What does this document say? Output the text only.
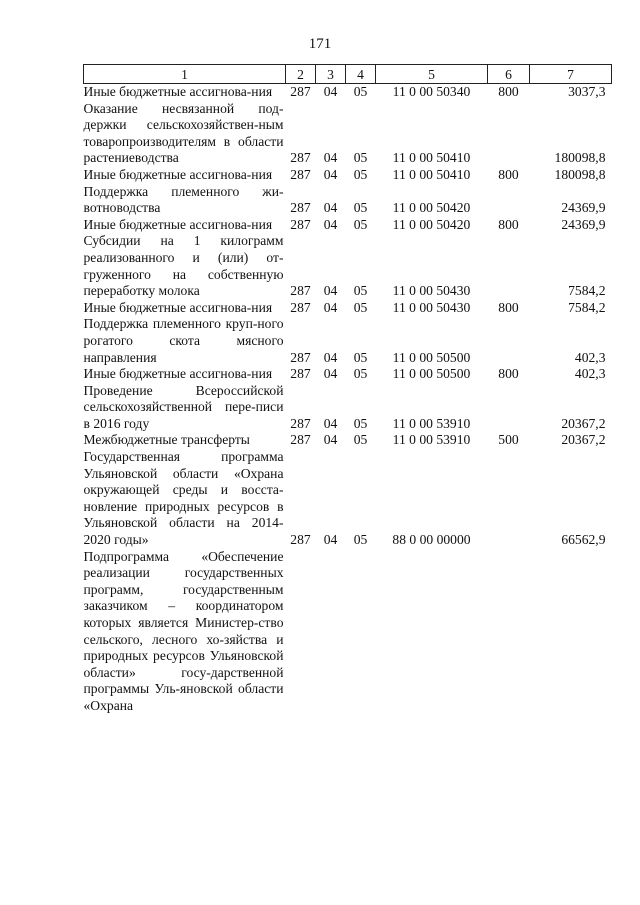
171
1	2	3	4	5	6	7
Иные бюджетные ассигнова-ния	287	04	05	11 0 00 50340	800	3037,3
Оказание несвязанной под-держки сельскохозяйствен-ным товаропроизводителям в области растениеводства	287	04	05	11 0 00 50410		180098,8
Иные бюджетные ассигнова-ния	287	04	05	11 0 00 50410	800	180098,8
Поддержка племенного жи-вотноводства	287	04	05	11 0 00 50420		24369,9
Иные бюджетные ассигнова-ния	287	04	05	11 0 00 50420	800	24369,9
Субсидии на 1 килограмм реализованного и (или) от-груженного на собственную переработку молока	287	04	05	11 0 00 50430		7584,2
Иные бюджетные ассигнова-ния	287	04	05	11 0 00 50430	800	7584,2
Поддержка племенного круп-ного рогатого скота мясного направления	287	04	05	11 0 00 50500		402,3
Иные бюджетные ассигнова-ния	287	04	05	11 0 00 50500	800	402,3
Проведение Всероссийской сельскохозяйственной пере-писи в 2016 году	287	04	05	11 0 00 53910		20367,2
Межбюджетные трансферты	287	04	05	11 0 00 53910	500	20367,2
Государственная программа Ульяновской области «Охрана окружающей среды и восста-новление природных ресурсов в Ульяновской области на 2014-2020 годы»	287	04	05	88 0 00 00000		66562,9
Подпрограмма «Обеспечение реализации государственных программ, государственным заказчиком – координатором которых является Министер-ство сельского, лесного хо-зяйства и природных ресурсов Ульяновской области» госу-дарственной программы Уль-яновской области «Охрана						
